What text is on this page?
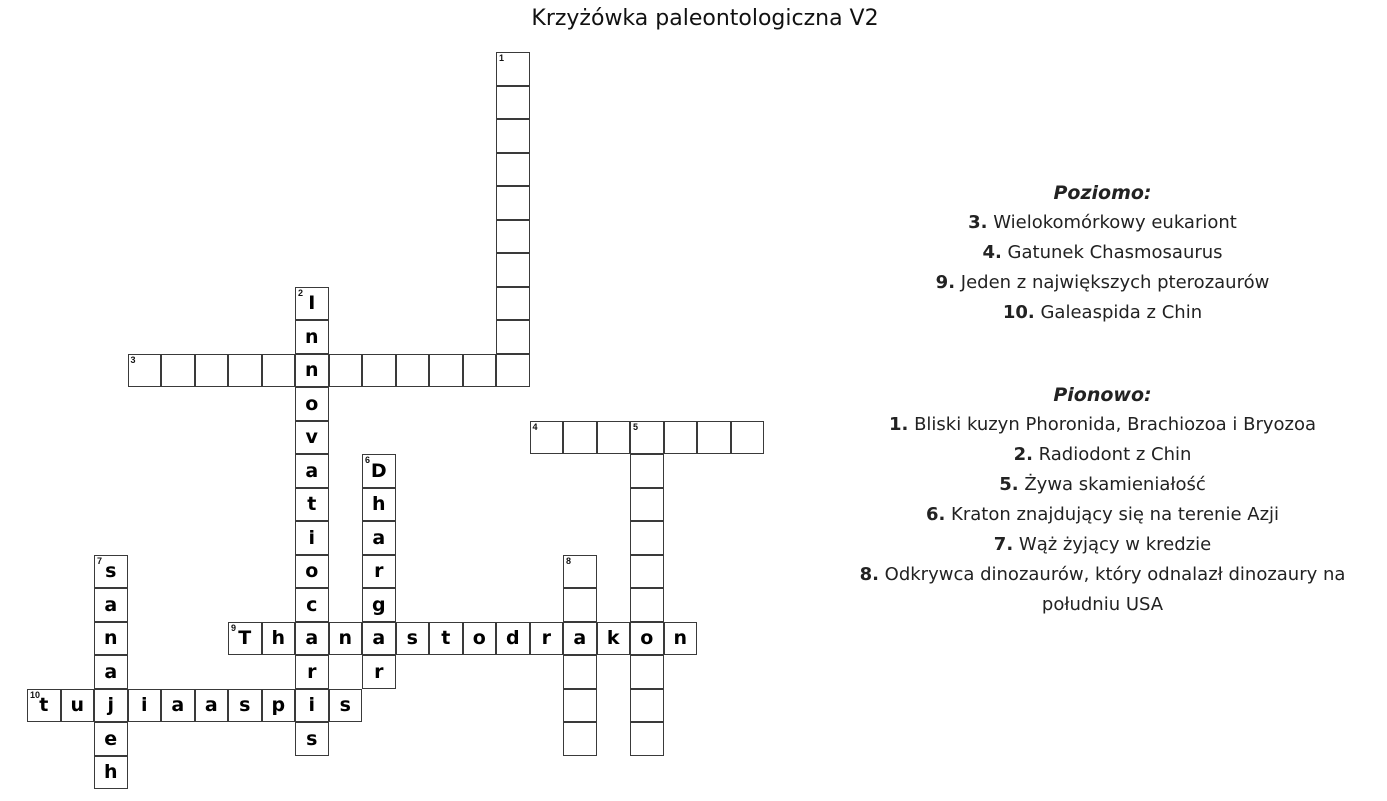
Krzyżówka paleontologiczna V2
1
I
2
n
n
o
v
a
t
i
o
c
a
r
i
s
3
4	5
o
D
6
h
a
r
g
a
r
s
7
a
n
a
j
e
h
8
a
T
9	h	n	s	t	o	d	r	k	n
t
10	u	i	a	a	s	p	s
Poziomo:
3. Wielokomórkowy eukariont
4. Gatunek Chasmosaurus
9. Jeden z największych pterozaurów
10. Galeaspida z Chin
Pionowo:
1. Bliski kuzyn Phoronida, Brachiozoa i Bryozoa
2. Radiodont z Chin
5. Żywa skamieniałość
6. Kraton znajdujący się na terenie Azji
7. Wąż żyjący w kredzie
8. Odkrywca dinozaurów, który odnalazł dinozaury na południu USA
